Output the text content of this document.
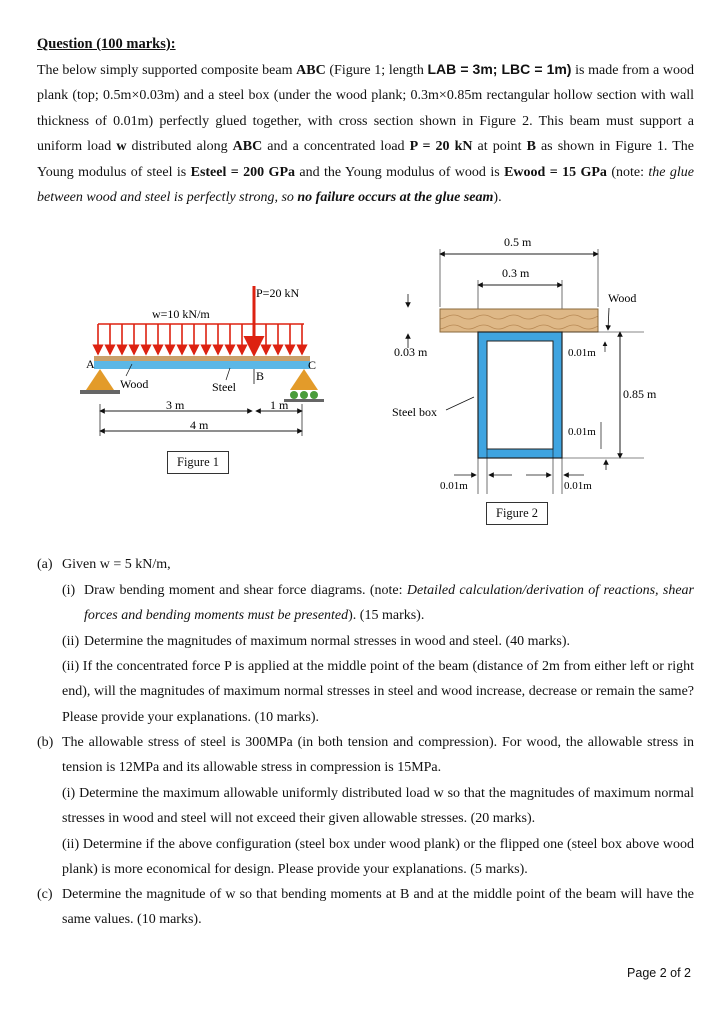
Question (100 marks):
The below simply supported composite beam ABC (Figure 1; length LAB = 3m; LBC = 1m) is made from a wood plank (top; 0.5m×0.03m) and a steel box (under the wood plank; 0.3m×0.85m rectangular hollow section with wall thickness of 0.01m) perfectly glued together, with cross section shown in Figure 2. This beam must support a uniform load w distributed along ABC and a concentrated load P = 20 kN at point B as shown in Figure 1. The Young modulus of steel is Esteel = 200 GPa and the Young modulus of wood is Ewood = 15 GPa (note: the glue between wood and steel is perfectly strong, so no failure occurs at the glue seam).
w=10 kN/m
P=20 kN
A	C
B
Wood	Steel
3 m	1 m
4 m
Figure 1
0.5 m
0.3 m
Wood
0.03 m
0.85 m
0.01m
0.01m
Steel box
0.01m	0.01m
Figure 2
(a) Given w = 5 kN/m,
(i) Draw bending moment and shear force diagrams. (note: Detailed calculation/derivation of reactions, shear forces and bending moments must be presented). (15 marks).
(ii) Determine the magnitudes of maximum normal stresses in wood and steel. (40 marks).
(ii) If the concentrated force P is applied at the middle point of the beam (distance of 2m from either left or right end), will the magnitudes of maximum normal stresses in steel and wood increase, decrease or remain the same? Please provide your explanations. (10 marks).
(b) The allowable stress of steel is 300MPa (in both tension and compression). For wood, the allowable stress in tension is 12MPa and its allowable stress in compression is 15MPa.
(i) Determine the maximum allowable uniformly distributed load w so that the magnitudes of maximum normal stresses in wood and steel will not exceed their given allowable stresses. (20 marks).
(ii) Determine if the above configuration (steel box under wood plank) or the flipped one (steel box above wood plank) is more economical for design. Please provide your explanations. (5 marks).
(c) Determine the magnitude of w so that bending moments at B and at the middle point of the beam will have the same values. (10 marks).
Page 2 of 2
